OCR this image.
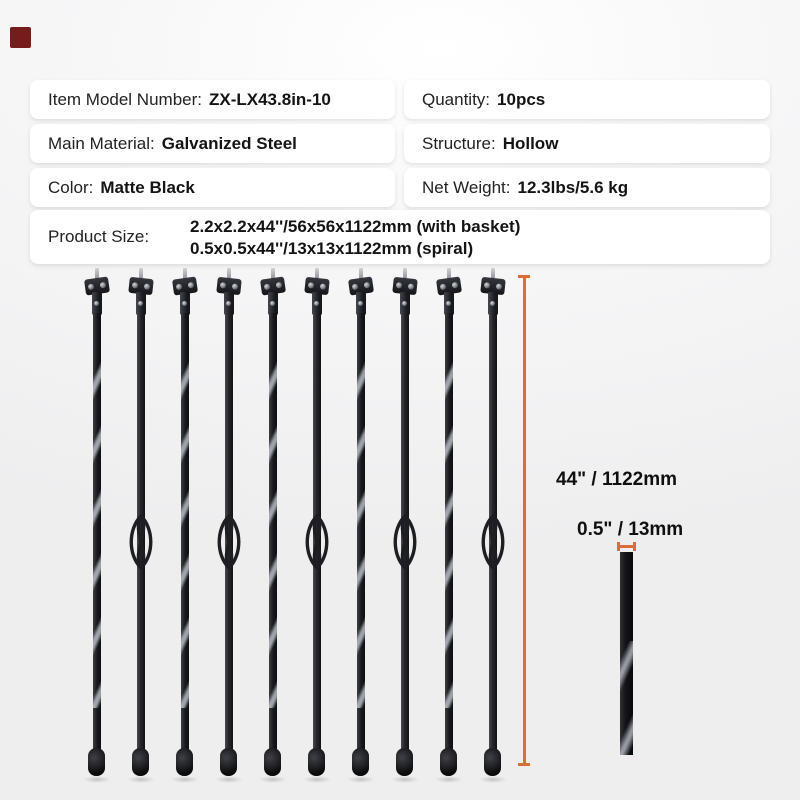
Item Model Number: ZX-LX43.8in-10	Quantity: 10pcs
Main Material: Galvanized Steel	Structure: Hollow
Color: Matte Black	Net Weight: 12.3lbs/5.6 kg
Product Size:
2.2x2.2x44''/56x56x1122mm (with basket)
0.5x0.5x44''/13x13x1122mm (spiral)
44" / 1122mm
0.5" / 13mm
